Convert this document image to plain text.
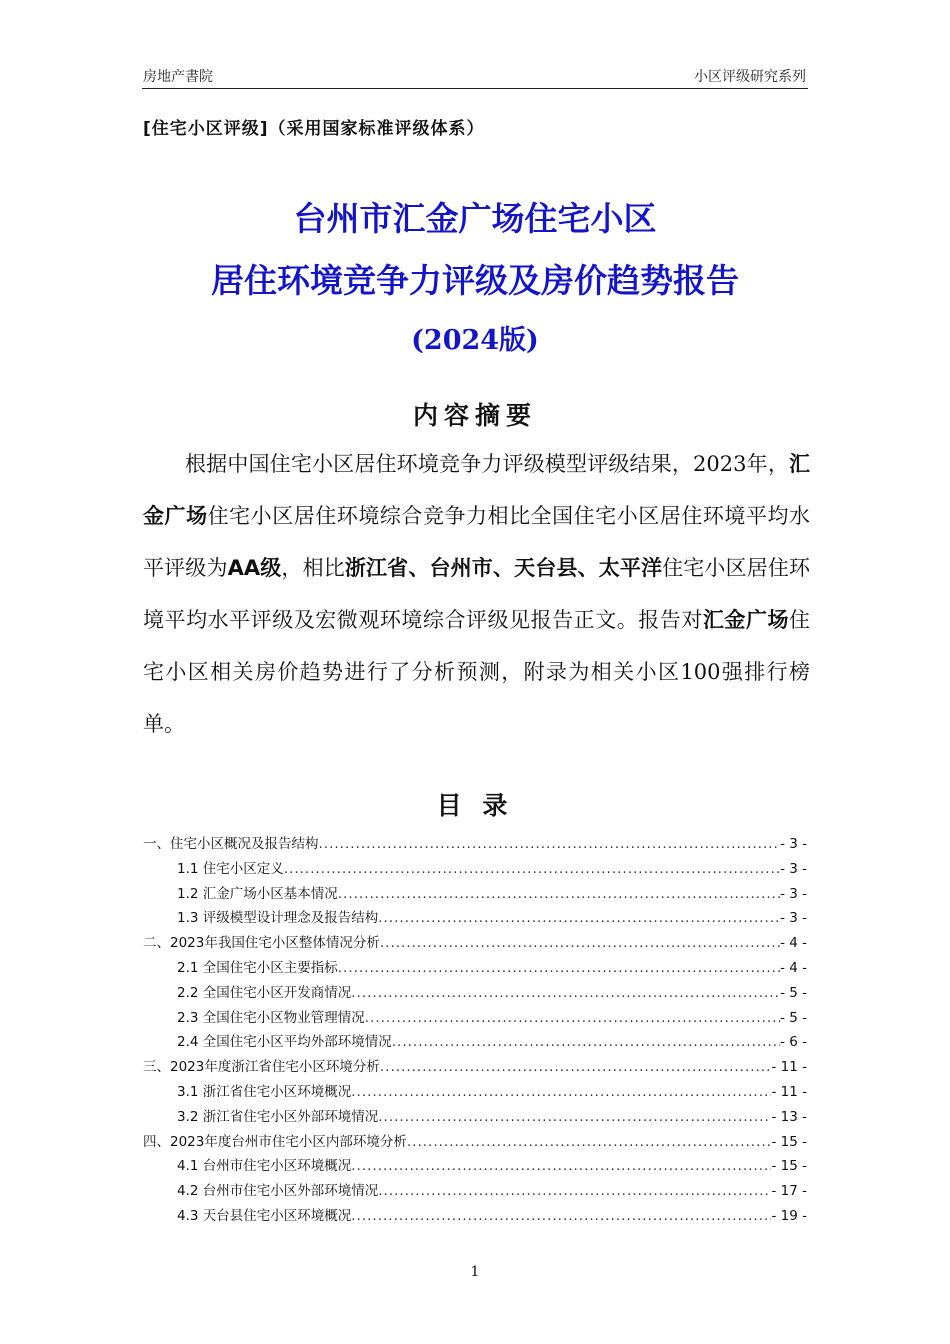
房地产書院	小区评级研究系列
[住宅小区评级]（采用国家标准评级体系）
台州市汇金广场住宅小区
居住环境竞争力评级及房价趋势报告
(2024版)
内容摘要
根据中国住宅小区居住环境竞争力评级模型评级结果，2023年，汇金广场住宅小区居住环境综合竞争力相比全国住宅小区居住环境平均水平评级为AA级，相比浙江省、台州市、天台县、太平洋住宅小区居住环境平均水平评级及宏微观环境综合评级见报告正文。报告对汇金广场住宅小区相关房价趋势进行了分析预测，附录为相关小区100强排行榜单。
目 录
一、住宅小区概况及报告结构 .....	- 3 -
1.1 住宅小区定义 .....	- 3 -
1.2 汇金广场小区基本情况 .....	- 3 -
1.3 评级模型设计理念及报告结构 .....	- 3 -
二、2023年我国住宅小区整体情况分析 .....	- 4 -
2.1 全国住宅小区主要指标 .....	- 4 -
2.2 全国住宅小区开发商情况 .....	- 5 -
2.3 全国住宅小区物业管理情况 .....	- 5 -
2.4 全国住宅小区平均外部环境情况 .....	- 6 -
三、2023年度浙江省住宅小区环境分析 .....	- 11 -
3.1 浙江省住宅小区环境概况 .....	- 11 -
3.2 浙江省住宅小区外部环境情况 .....	- 13 -
四、2023年度台州市住宅小区内部环境分析 .....	- 15 -
4.1 台州市住宅小区环境概况 .....	- 15 -
4.2 台州市住宅小区外部环境情况 .....	- 17 -
4.3 天台县住宅小区环境概况 .....	- 19 -
1
